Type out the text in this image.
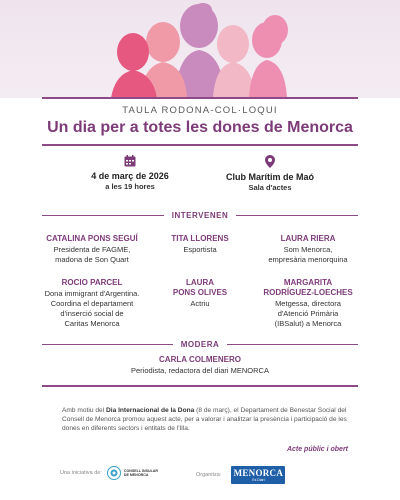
TAULA RODONA-COL·LOQUI
Un dia per a totes les dones de Menorca
4 de març de 2026
a les 19 hores
Club Marítim de Maó
Sala d'actes
INTERVENEN
CATALINA PONS SEGUÍ
Presidenta de FAGME,
madona de Son Quart
TITA LLORENS
Esportista
LAURA RIERA
Som Menorca,
empresària menorquina
ROCIO PARCEL
Dona immigrant d'Argentina.
Coordina el departament
d'inserció social de
Caritas Menorca
LAURA
PONS OLIVES
Actriu
MARGARITA
RODRÍGUEZ-LOECHES
Metgessa, directora
d'Atenció Primària
(IBSalut) a Menorca
MODERA
CARLA COLMENERO
Periodista, redactora del diari MENORCA
Amb motiu del Dia Internacional de la Dona (8 de març), el Departament de Benestar Social del Consell de Menorca promou aquest acte, per a valorar i analitzar la presència i participació de les dones en diferents sectors i entitats de l'Illa.
Acte públic i obert
Una iniciativa de:	CONSELL INSULAR
DE MENORCA	Organitza: MENORCA
Es Diari
